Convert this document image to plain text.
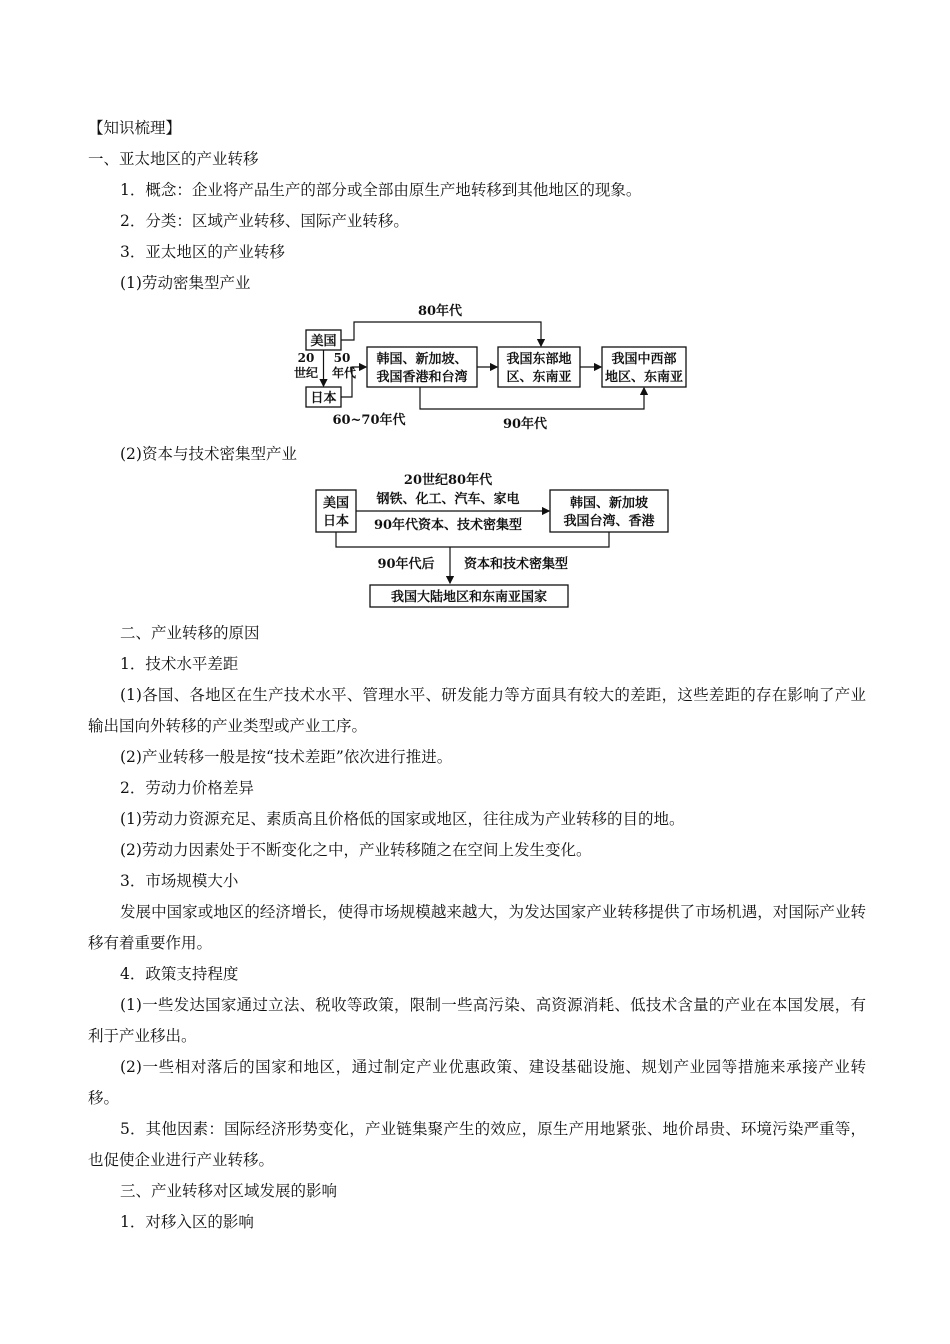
【知识梳理】
一、亚太地区的产业转移
1．概念：企业将产品生产的部分或全部由原生产地转移到其他地区的现象。
2．分类：区域产业转移、国际产业转移。
3．亚太地区的产业转移
(1)劳动密集型产业
美国
日本
韩国、新加坡、
我国香港和台湾
我国东部地
区、东南亚
我国中西部
地区、东南亚
20
世纪
50
年代
80年代
60~70年代	90年代
(2)资本与技术密集型产业
美国
日本
韩国、新加坡
我国台湾、香港
20世纪80年代
钢铁、化工、汽车、家电
90年代资本、技术密集型
90年代后 资本和技术密集型
我国大陆地区和东南亚国家
二、产业转移的原因
1．技术水平差距
(1)各国、各地区在生产技术水平、管理水平、研发能力等方面具有较大的差距，这些差距的存在影响了产业输出国向外转移的产业类型或产业工序。
(2)产业转移一般是按“技术差距”依次进行推进。
2．劳动力价格差异
(1)劳动力资源充足、素质高且价格低的国家或地区，往往成为产业转移的目的地。
(2)劳动力因素处于不断变化之中，产业转移随之在空间上发生变化。
3．市场规模大小
发展中国家或地区的经济增长，使得市场规模越来越大，为发达国家产业转移提供了市场机遇，对国际产业转移有着重要作用。
4．政策支持程度
(1)一些发达国家通过立法、税收等政策，限制一些高污染、高资源消耗、低技术含量的产业在本国发展，有利于产业移出。
(2)一些相对落后的国家和地区，通过制定产业优惠政策、建设基础设施、规划产业园等措施来承接产业转移。
5．其他因素：国际经济形势变化，产业链集聚产生的效应，原生产用地紧张、地价昂贵、环境污染严重等，也促使企业进行产业转移。
三、产业转移对区域发展的影响
1．对移入区的影响
